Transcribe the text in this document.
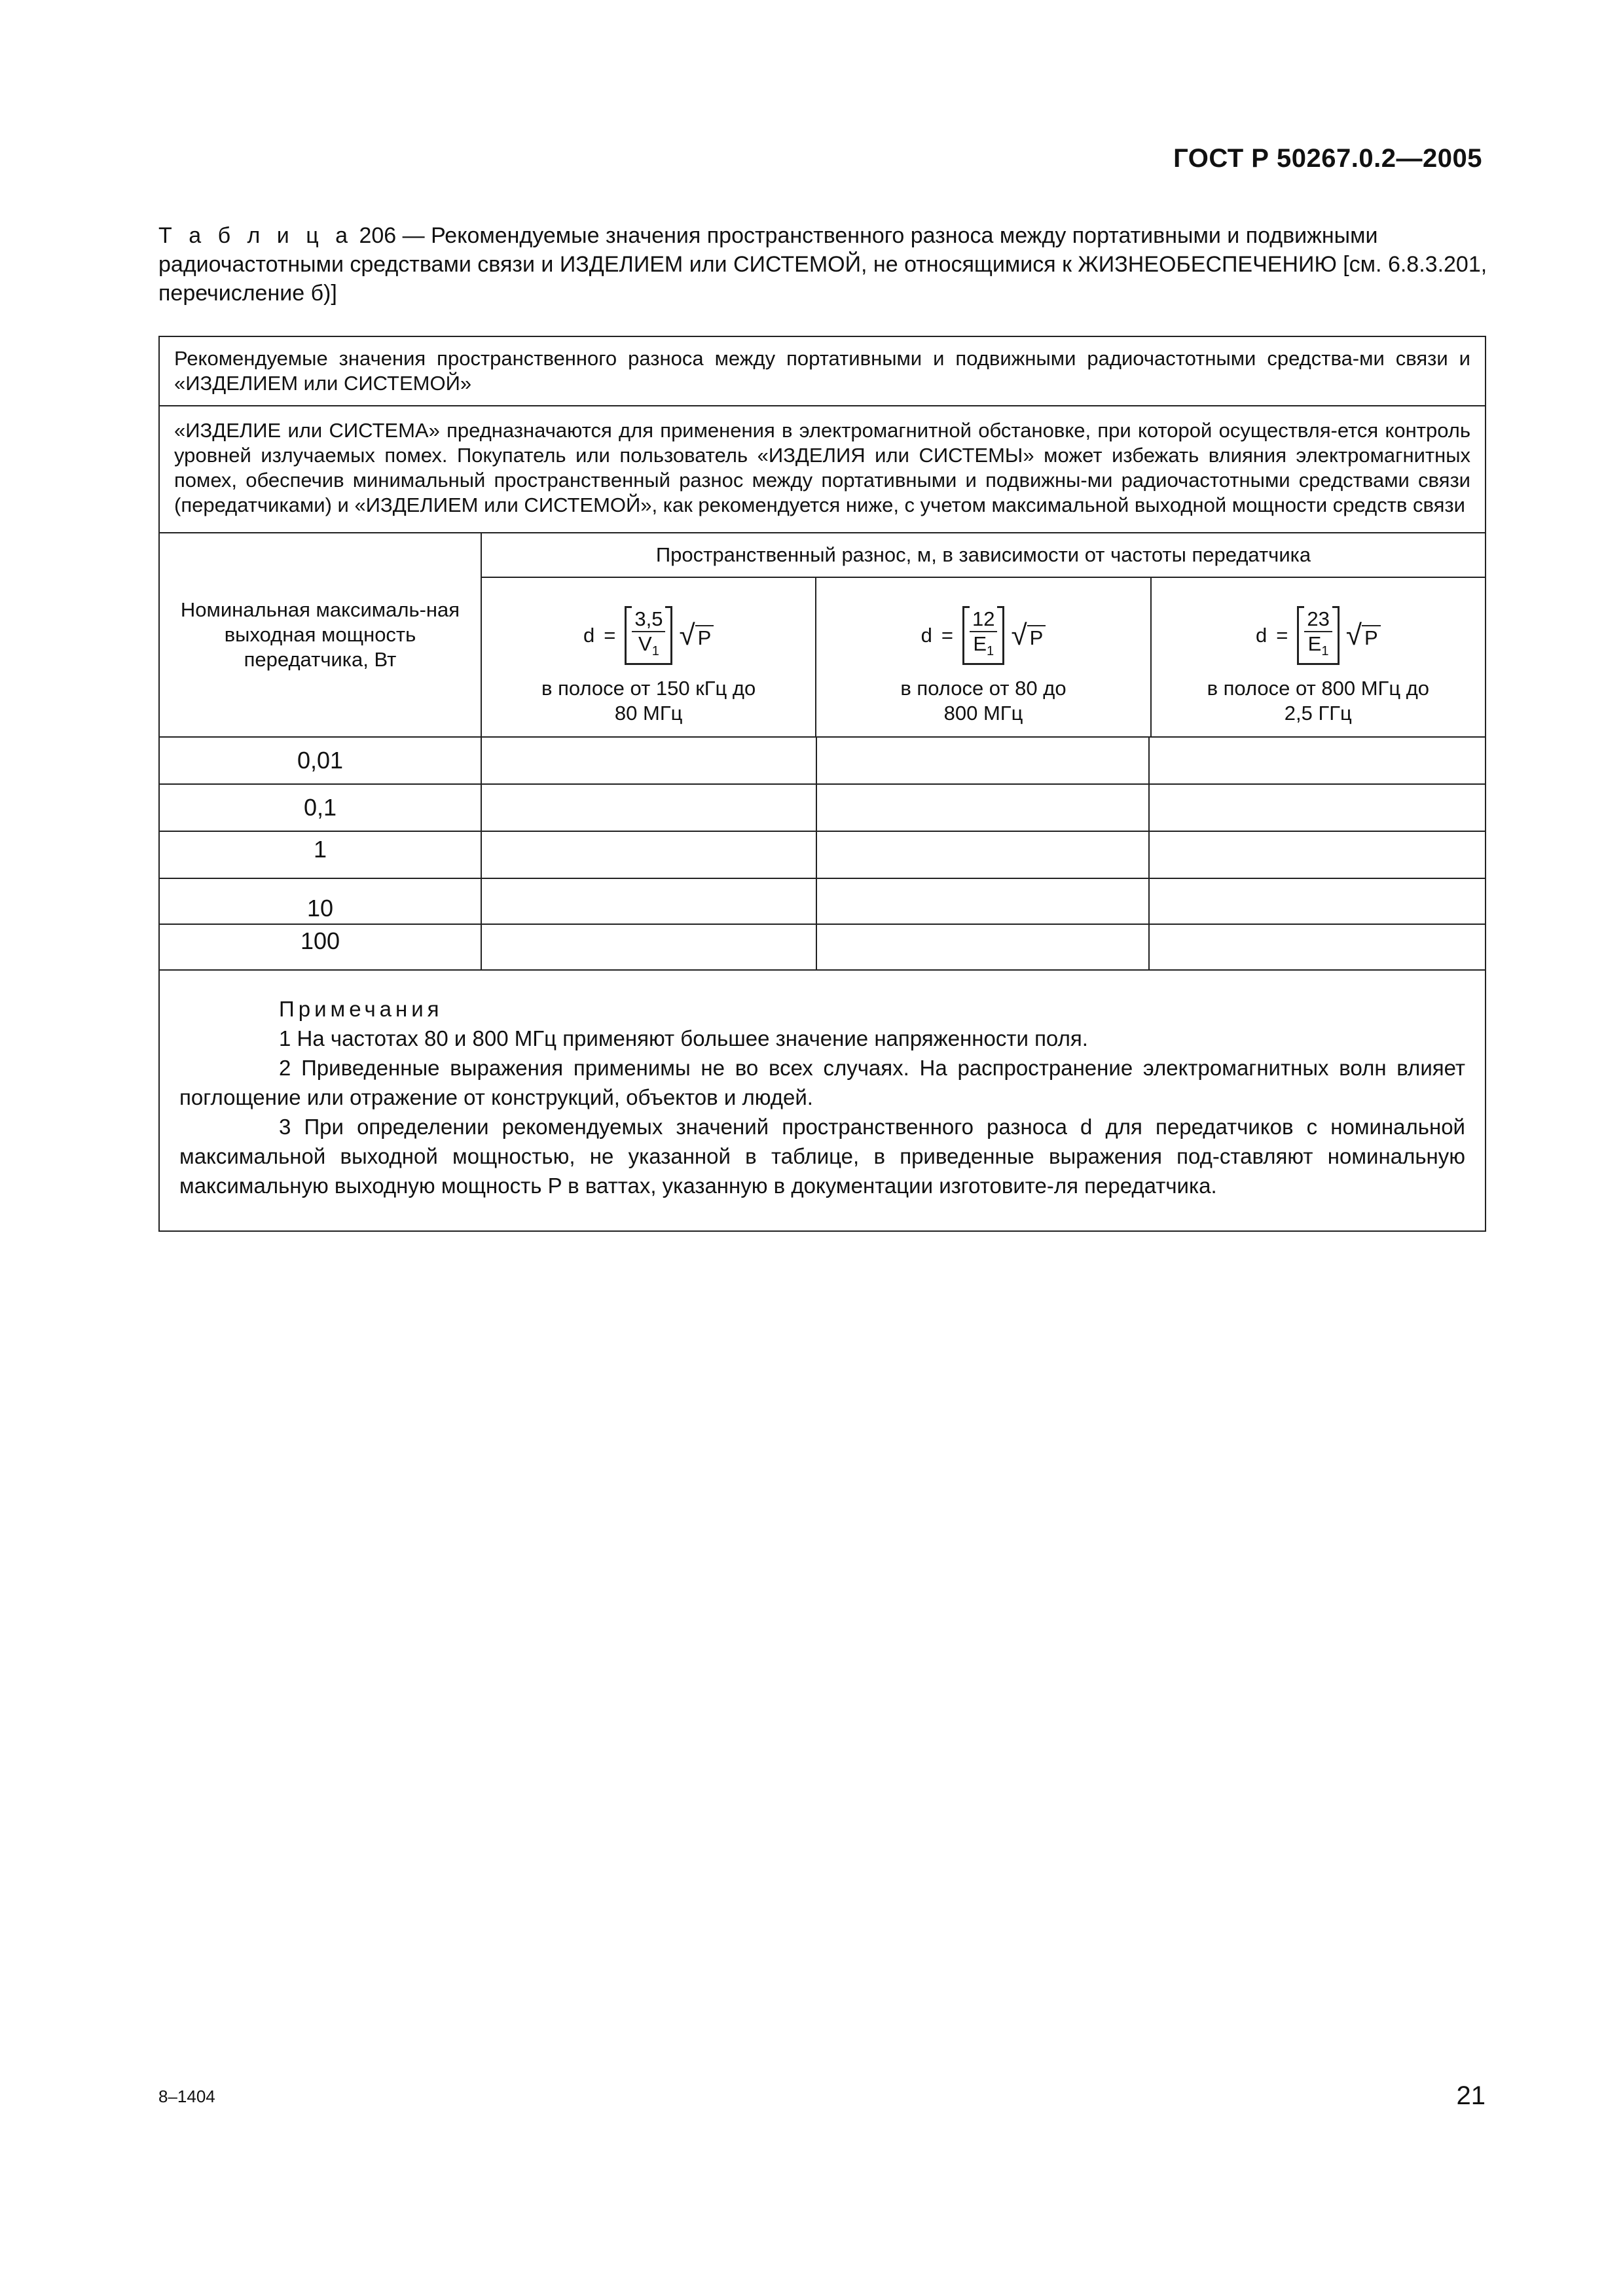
ГОСТ Р 50267.0.2—2005
Т а б л и ц а 206 — Рекомендуемые значения пространственного разноса между портативными и подвижными радиочастотными средствами связи и ИЗДЕЛИЕМ или СИСТЕМОЙ, не относящимися к ЖИЗНЕОБЕСПЕЧЕНИЮ [см. 6.8.3.201, перечисление б)]
Рекомендуемые значения пространственного разноса между портативными и подвижными радиочастотными средства-ми связи и «ИЗДЕЛИЕМ или СИСТЕМОЙ»
«ИЗДЕЛИЕ или СИСТЕМА» предназначаются для применения в электромагнитной обстановке, при которой осуществля-ется контроль уровней излучаемых помех. Покупатель или пользователь «ИЗДЕЛИЯ или СИСТЕМЫ» может избежать влияния электромагнитных помех, обеспечив минимальный пространственный разнос между портативными и подвижны-ми радиочастотными средствами связи (передатчиками) и «ИЗДЕЛИЕМ или СИСТЕМОЙ», как рекомендуется ниже, с учетом максимальной выходной мощности средств связи
Номинальная максималь-ная выходная мощность передатчика, Вт
Пространственный разнос, м, в зависимости от частоты передатчика
$d = \frac{3,5}{V_1}$ √ P
в полосе от 150 кГц до 80 МГц
$d = \frac{12}{E_1}$ √ P
в полосе от 80 до 800 МГц
$d = \frac{23}{E_1}$ √ P
в полосе от 800 МГц до 2,5 ГГц
0,01
0,1
1
10
100
Примечания
1 На частотах 80 и 800 МГц применяют большее значение напряженности поля.
2 Приведенные выражения применимы не во всех случаях. На распространение электромагнитных волн влияет поглощение или отражение от конструкций, объектов и людей.
3 При определении рекомендуемых значений пространственного разноса d для передатчиков с номинальной максимальной выходной мощностью, не указанной в таблице, в приведенные выражения под-ставляют номинальную максимальную выходную мощность P в ваттах, указанную в документации изготовите-ля передатчика.
8–1404	21
